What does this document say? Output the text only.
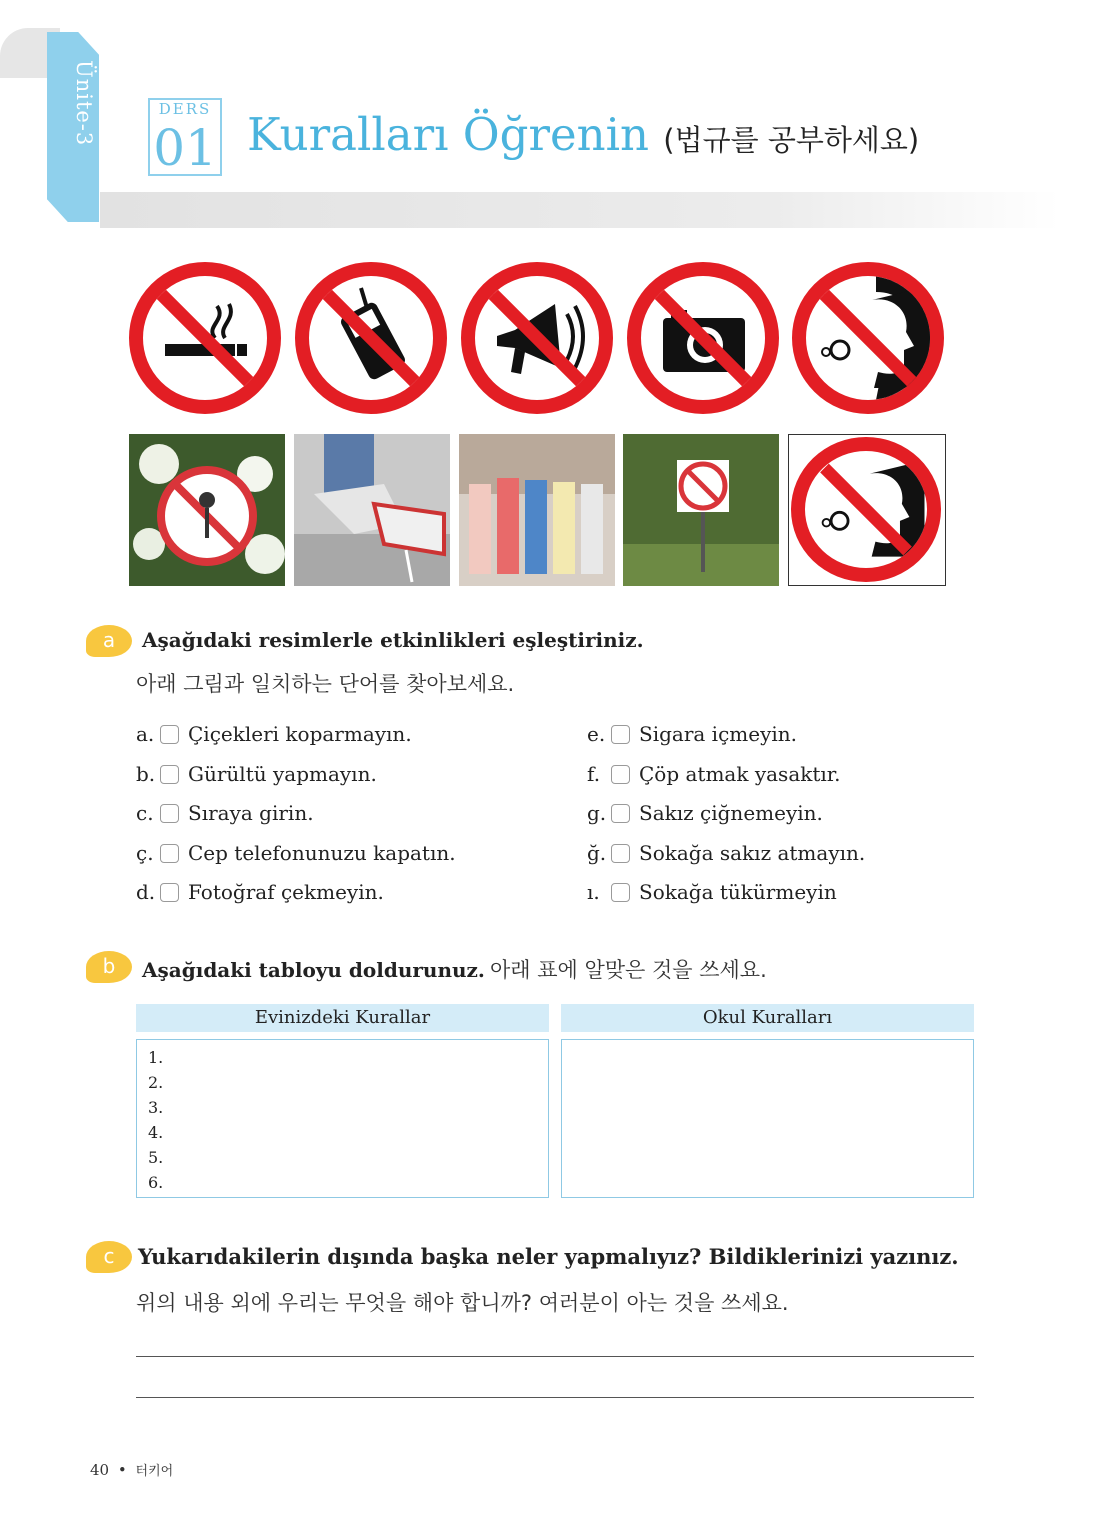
Ünite-3	DERS
01 Kuralları Öğrenin (법규를 공부하세요)
a	Aşağıdaki resimlerle etkinlikleri eşleştiriniz.
아래 그림과 일치하는 단어를 찾아보세요.
a. Çiçekleri koparmayın.
b. Gürültü yapmayın.
c. Sıraya girin.
ç. Cep telefonunuzu kapatın.
d. Fotoğraf çekmeyin.
e. Sigara içmeyin.
f. Çöp atmak yasaktır.
g. Sakız çiğnemeyin.
ğ. Sokağa sakız atmayın.
ı. Sokağa tükürmeyin
b	Aşağıdaki tabloyu doldurunuz. 아래 표에 알맞은 것을 쓰세요.
Evinizdeki Kurallar	Okul Kuralları
1.
2.
3.
4.
5.
6.
c	Yukarıdakilerin dışında başka neler yapmalıyız? Bildiklerinizi yazınız.
위의 내용 외에 우리는 무엇을 해야 합니까? 여러분이 아는 것을 쓰세요.
40 • 터키어
